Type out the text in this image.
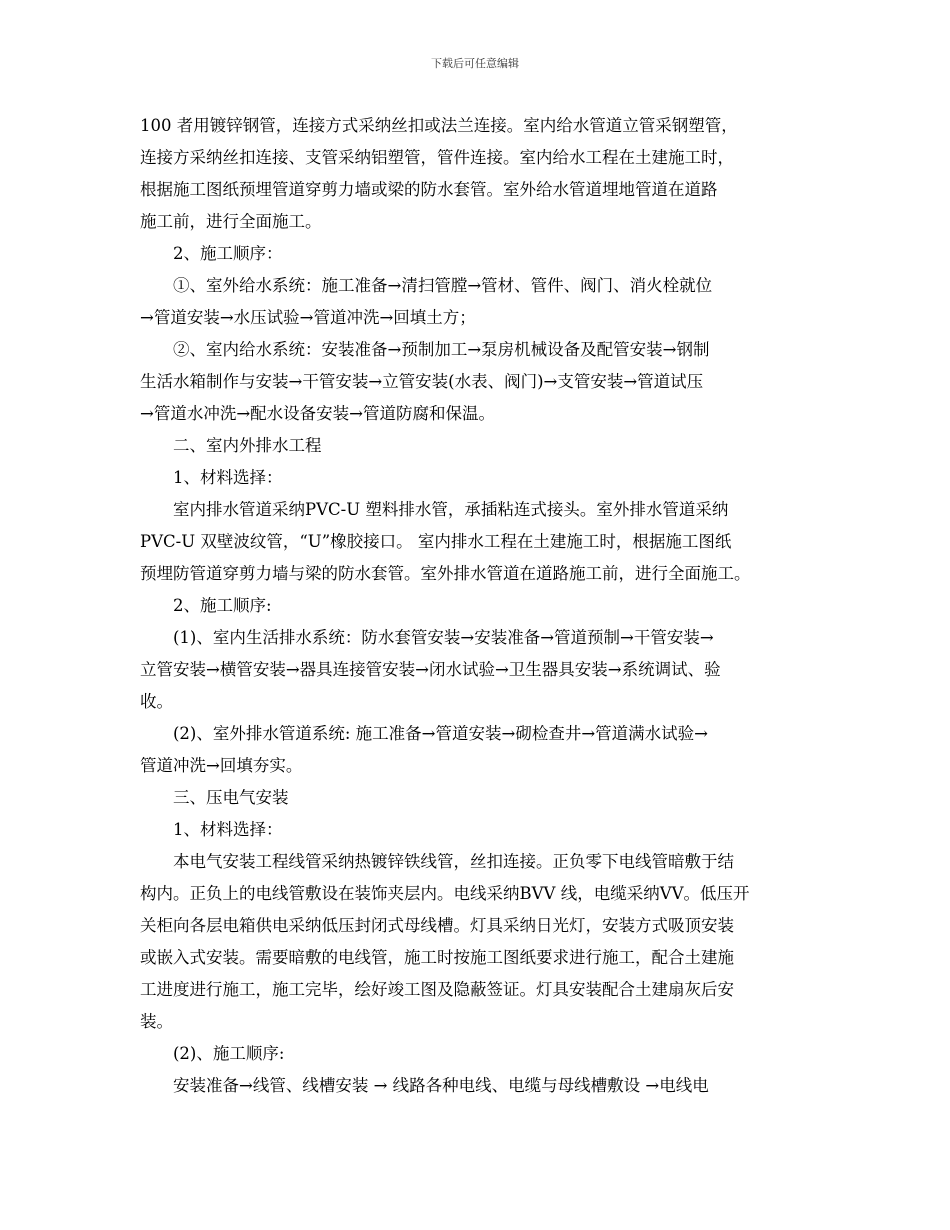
下载后可任意编辑
100 者用镀锌钢管，连接方式采纳丝扣或法兰连接。室内给水管道立管采钢塑管，
连接方采纳丝扣连接、支管采纳铝塑管，管件连接。室内给水工程在土建施工时，
根据施工图纸预埋管道穿剪力墙或梁的防水套管。室外给水管道埋地管道在道路
施工前，进行全面施工。
2、施工顺序：
①、室外给水系统：施工准备→清扫管膛→管材、管件、阀门、消火栓就位
→管道安装→水压试验→管道冲洗→回填土方；
②、室内给水系统：安装准备→预制加工→泵房机械设备及配管安装→钢制
生活水箱制作与安装→干管安装→立管安装(水表、阀门)→支管安装→管道试压
→管道水冲洗→配水设备安装→管道防腐和保温。
二、室内外排水工程
1、材料选择：
室内排水管道采纳PVC-U 塑料排水管，承插粘连式接头。室外排水管道采纳
PVC-U 双壁波纹管，“U”橡胶接口。 室内排水工程在土建施工时，根据施工图纸
预埋防管道穿剪力墙与梁的防水套管。室外排水管道在道路施工前，进行全面施工。
2、施工顺序:
(1)、室内生活排水系统：防水套管安装→安装准备→管道预制→干管安装→
立管安装→横管安装→器具连接管安装→闭水试验→卫生器具安装→系统调试、验
收。
(2)、室外排水管道系统: 施工准备→管道安装→砌检查井→管道满水试验→
管道冲洗→回填夯实。
三、压电气安装
1、材料选择：
本电气安装工程线管采纳热镀锌铁线管，丝扣连接。正负零下电线管暗敷于结
构内。正负上的电线管敷设在装饰夹层内。电线采纳BVV 线，电缆采纳VV。低压开
关柜向各层电箱供电采纳低压封闭式母线槽。灯具采纳日光灯，安装方式吸顶安装
或嵌入式安装。需要暗敷的电线管，施工时按施工图纸要求进行施工，配合土建施
工进度进行施工，施工完毕，绘好竣工图及隐蔽签证。灯具安装配合土建扇灰后安
装。
(2)、施工顺序:
安装准备→线管、线槽安装 → 线路各种电线、电缆与母线槽敷设 →电线电
